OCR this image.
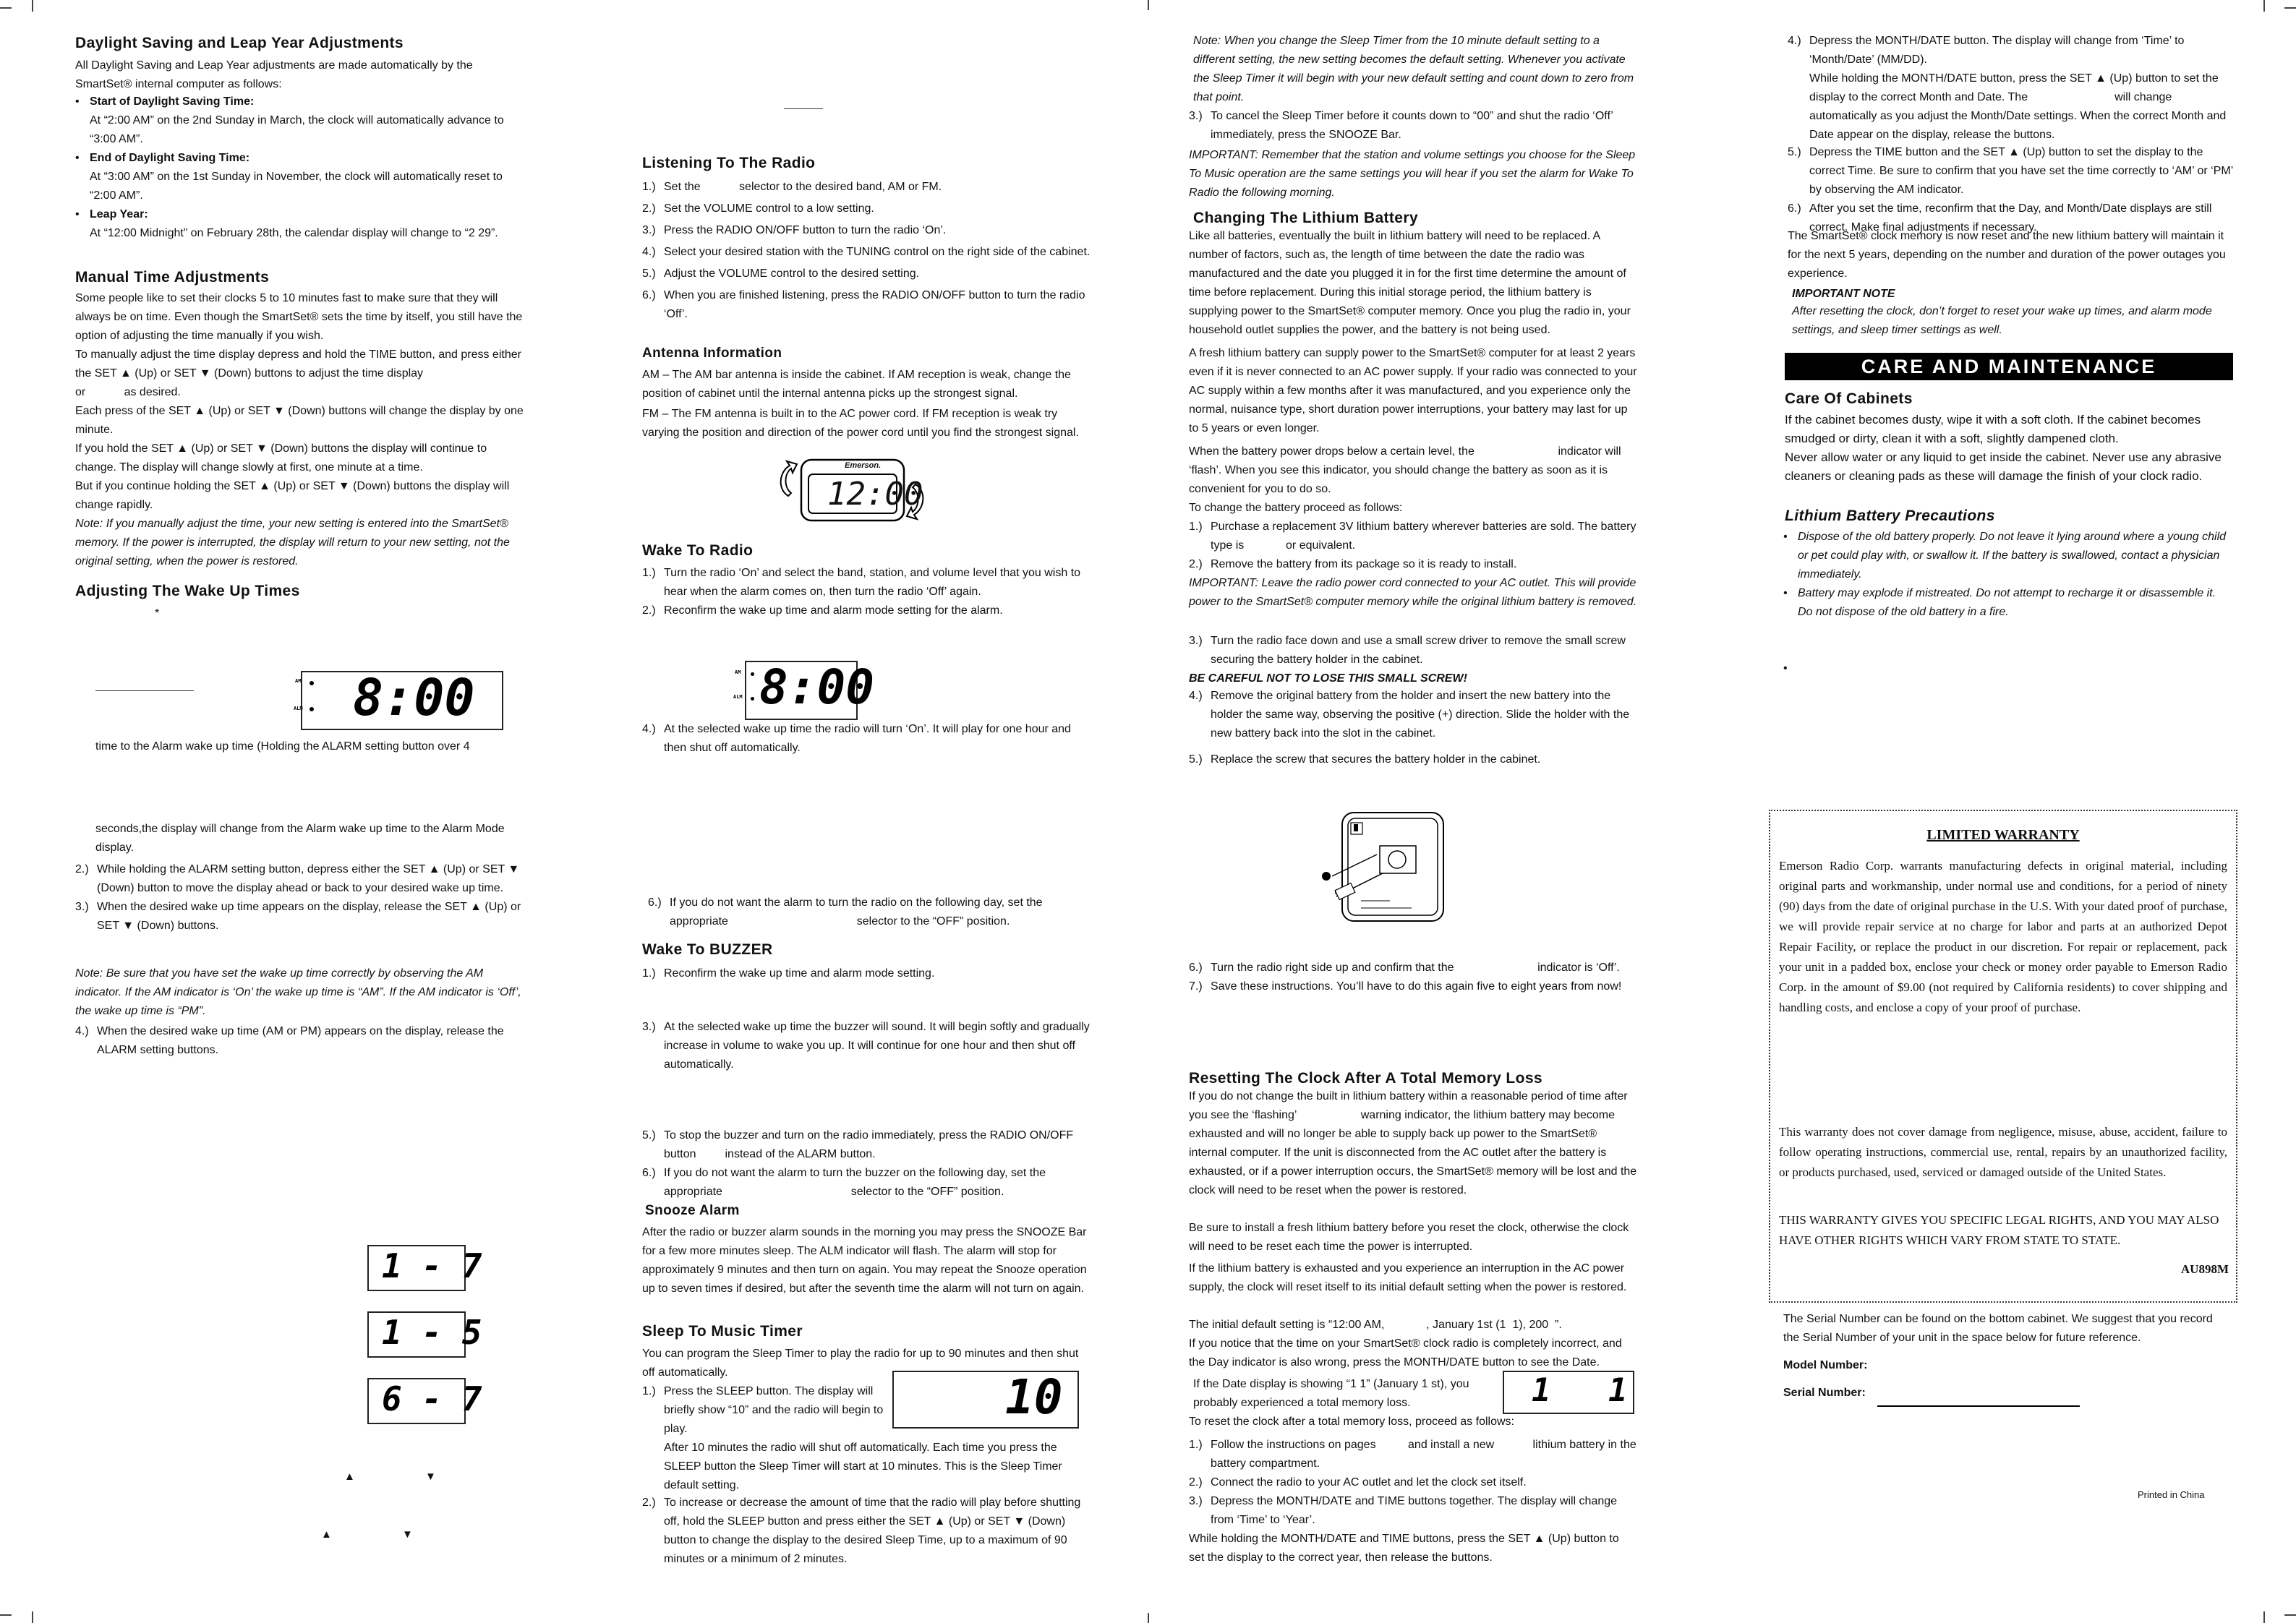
Daylight Saving and Leap Year Adjustments
All Daylight Saving and Leap Year adjustments are made automatically by the SmartSet® internal computer as follows:
• Start of Daylight Saving Time:
At “2:00 AM” on the 2nd Sunday in March, the clock will automatically advance to “3:00 AM”.
• End of Daylight Saving Time:
At “3:00 AM” on the 1st Sunday in November, the clock will automatically reset to “2:00 AM”.
• Leap Year:
At “12:00 Midnight” on February 28th, the calendar display will change to “2 29”.
Manual Time Adjustments
Some people like to set their clocks 5 to 10 minutes fast to make sure that they will always be on time. Even though the SmartSet® sets the time by itself, you still have the option of adjusting the time manually if you wish.
To manually adjust the time display depress and hold the TIME button, and press either the SET ▲ (Up) or SET ▼ (Down) buttons to adjust the time display
or            as desired.
Each press of the SET ▲ (Up) or SET ▼ (Down) buttons will change the display by one minute.
If you hold the SET ▲ (Up) or SET ▼ (Down) buttons the display will continue to change. The display will change slowly at first, one minute at a time.
But if you continue holding the SET ▲ (Up) or SET ▼ (Down) buttons the display will change rapidly.
Note: If you manually adjust the time, your new setting is entered into the SmartSet® memory. If the power is interrupted, the display will return to your new setting, not the original setting, when the power is restored.
Adjusting The Wake Up Times
*
AM
ALM 8:00
time to the Alarm wake up time (Holding the ALARM setting button over 4
seconds,the display will change from the Alarm wake up time to the Alarm Mode display.
2.) While holding the ALARM setting button, depress either the SET ▲ (Up) or SET ▼ (Down) button to move the display ahead or back to your desired wake up time.
3.) When the desired wake up time appears on the display, release the SET ▲ (Up) or SET ▼ (Down) buttons.
Note: Be sure that you have set the wake up time correctly by observing the AM indicator. If the AM indicator is ‘On’ the wake up time is “AM”. If the AM indicator is ‘Off’, the wake up time is “PM”.
4.) When the desired wake up time (AM or PM) appears on the display, release the ALARM setting buttons.
1 - 7
1 - 5
6 - 7
▲	▼
▲	▼
Listening To The Radio
1.) Set the            selector to the desired band, AM or FM.
2.) Set the VOLUME control to a low setting.
3.) Press the RADIO ON/OFF button to turn the radio ‘On’.
4.) Select your desired station with the TUNING control on the right side of the cabinet.
5.) Adjust the VOLUME control to the desired setting.
6.) When you are finished listening, press the RADIO ON/OFF button to turn the radio ‘Off’.
Antenna Information
AM – The AM bar antenna is inside the cabinet. If AM reception is weak, change the position of cabinet until the internal antenna picks up the strongest signal.
FM – The FM antenna is built in to the AC power cord. If FM reception is weak try varying the position and direction of the power cord until you find the strongest signal.
Emerson.
12:00
Wake To Radio
1.) Turn the radio ‘On’ and select the band, station, and volume level that you wish to hear when the alarm comes on, then turn the radio ‘Off’ again.
2.) Reconfirm the wake up time and alarm mode setting for the alarm.
AM
ALM 8:00
4.) At the selected wake up time the radio will turn ‘On’. It will play for one hour and then shut off automatically.
6.) If you do not want the alarm to turn the radio on the following day, set the appropriate                                        selector to the “OFF” position.
Wake To BUZZER
1.) Reconfirm the wake up time and alarm mode setting.
3.) At the selected wake up time the buzzer will sound. It will begin softly and gradually increase in volume to wake you up. It will continue for one hour and then shut off automatically.
5.) To stop the buzzer and turn on the radio immediately, press the RADIO ON/OFF button         instead of the ALARM button.
6.) If you do not want the alarm to turn the buzzer on the following day, set the appropriate                                        selector to the “OFF” position.
Snooze Alarm
After the radio or buzzer alarm sounds in the morning you may press the SNOOZE Bar for a few more minutes sleep. The ALM indicator will flash. The alarm will stop for approximately 9 minutes and then turn on again. You may repeat the Snooze operation up to seven times if desired, but after the seventh time the alarm will not turn on again.
Sleep To Music Timer
You can program the Sleep Timer to play the radio for up to 90 minutes and then shut off automatically.
1.) Press the SLEEP button. The display will briefly show “10” and the radio will begin to play.
10
After 10 minutes the radio will shut off automatically. Each time you press the SLEEP button the Sleep Timer will start at 10 minutes. This is the Sleep Timer default setting.
2.) To increase or decrease the amount of time that the radio will play before shutting off, hold the SLEEP button and press either the SET ▲ (Up) or SET ▼ (Down) button to change the display to the desired Sleep Time, up to a maximum of 90 minutes or a minimum of 2 minutes.
Note: When you change the Sleep Timer from the 10 minute default setting to a different setting, the new setting becomes the default setting. Whenever you activate the Sleep Timer it will begin with your new default setting and count down to zero from that point.
3.) To cancel the Sleep Timer before it counts down to “00” and shut the radio ‘Off’ immediately, press the SNOOZE Bar.
IMPORTANT: Remember that the station and volume settings you choose for the Sleep To Music operation are the same settings you will hear if you set the alarm for Wake To Radio the following morning.
Changing The Lithium Battery
Like all batteries, eventually the built in lithium battery will need to be replaced. A number of factors, such as, the length of time between the date the radio was manufactured and the date you plugged it in for the first time determine the amount of time before replacement. During this initial storage period, the lithium battery is supplying power to the SmartSet® computer memory. Once you plug the radio in, your household outlet supplies the power, and the battery is not being used.
A fresh lithium battery can supply power to the SmartSet® computer for at least 2 years even if it is never connected to an AC power supply. If your radio was connected to your AC supply within a few months after it was manufactured, and you experience only the normal, nuisance type, short duration power interruptions, your battery may last for up to 5 years or even longer.
When the battery power drops below a certain level, the                          indicator will ‘flash’. When you see this indicator, you should change the battery as soon as it is convenient for you to do so.
To change the battery proceed as follows:
1.) Purchase a replacement 3V lithium battery wherever batteries are sold. The battery type is             or equivalent.
2.) Remove the battery from its package so it is ready to install.
IMPORTANT: Leave the radio power cord connected to your AC outlet. This will provide power to the SmartSet® computer memory while the original lithium battery is removed.
3.) Turn the radio face down and use a small screw driver to remove the small screw securing the battery holder in the cabinet.
BE CAREFUL NOT TO LOSE THIS SMALL SCREW!
4.) Remove the original battery from the holder and insert the new battery into the holder the same way, observing the positive (+) direction. Slide the holder with the new battery back into the slot in the cabinet.
5.) Replace the screw that secures the battery holder in the cabinet.
6.) Turn the radio right side up and confirm that the                          indicator is ‘Off’.
7.) Save these instructions. You’ll have to do this again five to eight years from now!
Resetting The Clock After A Total Memory Loss
If you do not change the built in lithium battery within a reasonable period of time after you see the ‘flashing’                    warning indicator, the lithium battery may become exhausted and will no longer be able to supply back up power to the SmartSet® internal computer. If the unit is disconnected from the AC outlet after the battery is exhausted, or if a power interruption occurs, the SmartSet® memory will be lost and the clock will need to be reset when the power is restored.
Be sure to install a fresh lithium battery before you reset the clock, otherwise the clock will need to be reset each time the power is interrupted.
If the lithium battery is exhausted and you experience an interruption in the AC power supply, the clock will reset itself to its initial default setting when the power is restored.
The initial default setting is “12:00 AM,             , January 1st (1  1), 200  ”.
If you notice that the time on your SmartSet® clock radio is completely incorrect, and the Day indicator is also wrong, press the MONTH/DATE button to see the Date.
If the Date display is showing “1 1” (January 1 st), you probably experienced a total memory loss.	1   1
To reset the clock after a total memory loss, proceed as follows:
1.) Follow the instructions on pages          and install a new            lithium battery in the battery compartment.
2.) Connect the radio to your AC outlet and let the clock set itself.
3.) Depress the MONTH/DATE and TIME buttons together. The display will change from ‘Time’ to ‘Year’.
While holding the MONTH/DATE and TIME buttons, press the SET ▲ (Up) button to set the display to the correct year, then release the buttons.
4.) Depress the MONTH/DATE button. The display will change from ‘Time’ to ‘Month/Date’ (MM/DD).
While holding the MONTH/DATE button, press the SET ▲ (Up) button to set the display to the correct Month and Date. The                           will change automatically as you adjust the Month/Date settings. When the correct Month and Date appear on the display, release the buttons.
5.) Depress the TIME button and the SET ▲ (Up) button to set the display to the correct Time. Be sure to confirm that you have set the time correctly to ‘AM’ or ‘PM’ by observing the AM indicator.
6.) After you set the time, reconfirm that the Day, and Month/Date displays are still correct. Make final adjustments if necessary.
The SmartSet® clock memory is now reset and the new lithium battery will maintain it for the next 5 years, depending on the number and duration of the power outages you experience.
IMPORTANT NOTE
After resetting the clock, don’t forget to reset your wake up times, and alarm mode settings, and sleep timer settings as well.
CARE AND MAINTENANCE
Care Of Cabinets
If the cabinet becomes dusty, wipe it with a soft cloth. If the cabinet becomes smudged or dirty, clean it with a soft, slightly dampened cloth.
Never allow water or any liquid to get inside the cabinet. Never use any abrasive cleaners or cleaning pads as these will damage the finish of your clock radio.
Lithium Battery Precautions
• Dispose of the old battery properly. Do not leave it lying around where a young child or pet could play with, or swallow it. If the battery is swallowed, contact a physician immediately.
• Battery may explode if mistreated. Do not attempt to recharge it or disassemble it. Do not dispose of the old battery in a fire.
•
LIMITED WARRANTY
Emerson Radio Corp. warrants manufacturing defects in original material, including original parts and workmanship, under normal use and conditions, for a period of ninety (90) days from the date of original purchase in the U.S. With your dated proof of purchase, we will provide repair service at no charge for labor and parts at an authorized Depot Repair Facility, or replace the product in our discretion. For repair or replacement, pack your unit in a padded box, enclose your check or money order payable to Emerson Radio Corp. in the amount of $9.00 (not required by California residents) to cover shipping and handling costs, and enclose a copy of your proof of purchase.
This warranty does not cover damage from negligence, misuse, abuse, accident, failure to follow operating instructions, commercial use, rental, repairs by an unauthorized facility, or products purchased, used, serviced or damaged outside of the United States.
THIS WARRANTY GIVES YOU SPECIFIC LEGAL RIGHTS, AND YOU MAY ALSO HAVE OTHER RIGHTS WHICH VARY FROM STATE TO STATE.
AU898M
The Serial Number can be found on the bottom cabinet. We suggest that you record the Serial Number of your unit in the space below for future reference.
Model Number:
Serial Number:
Printed in China
